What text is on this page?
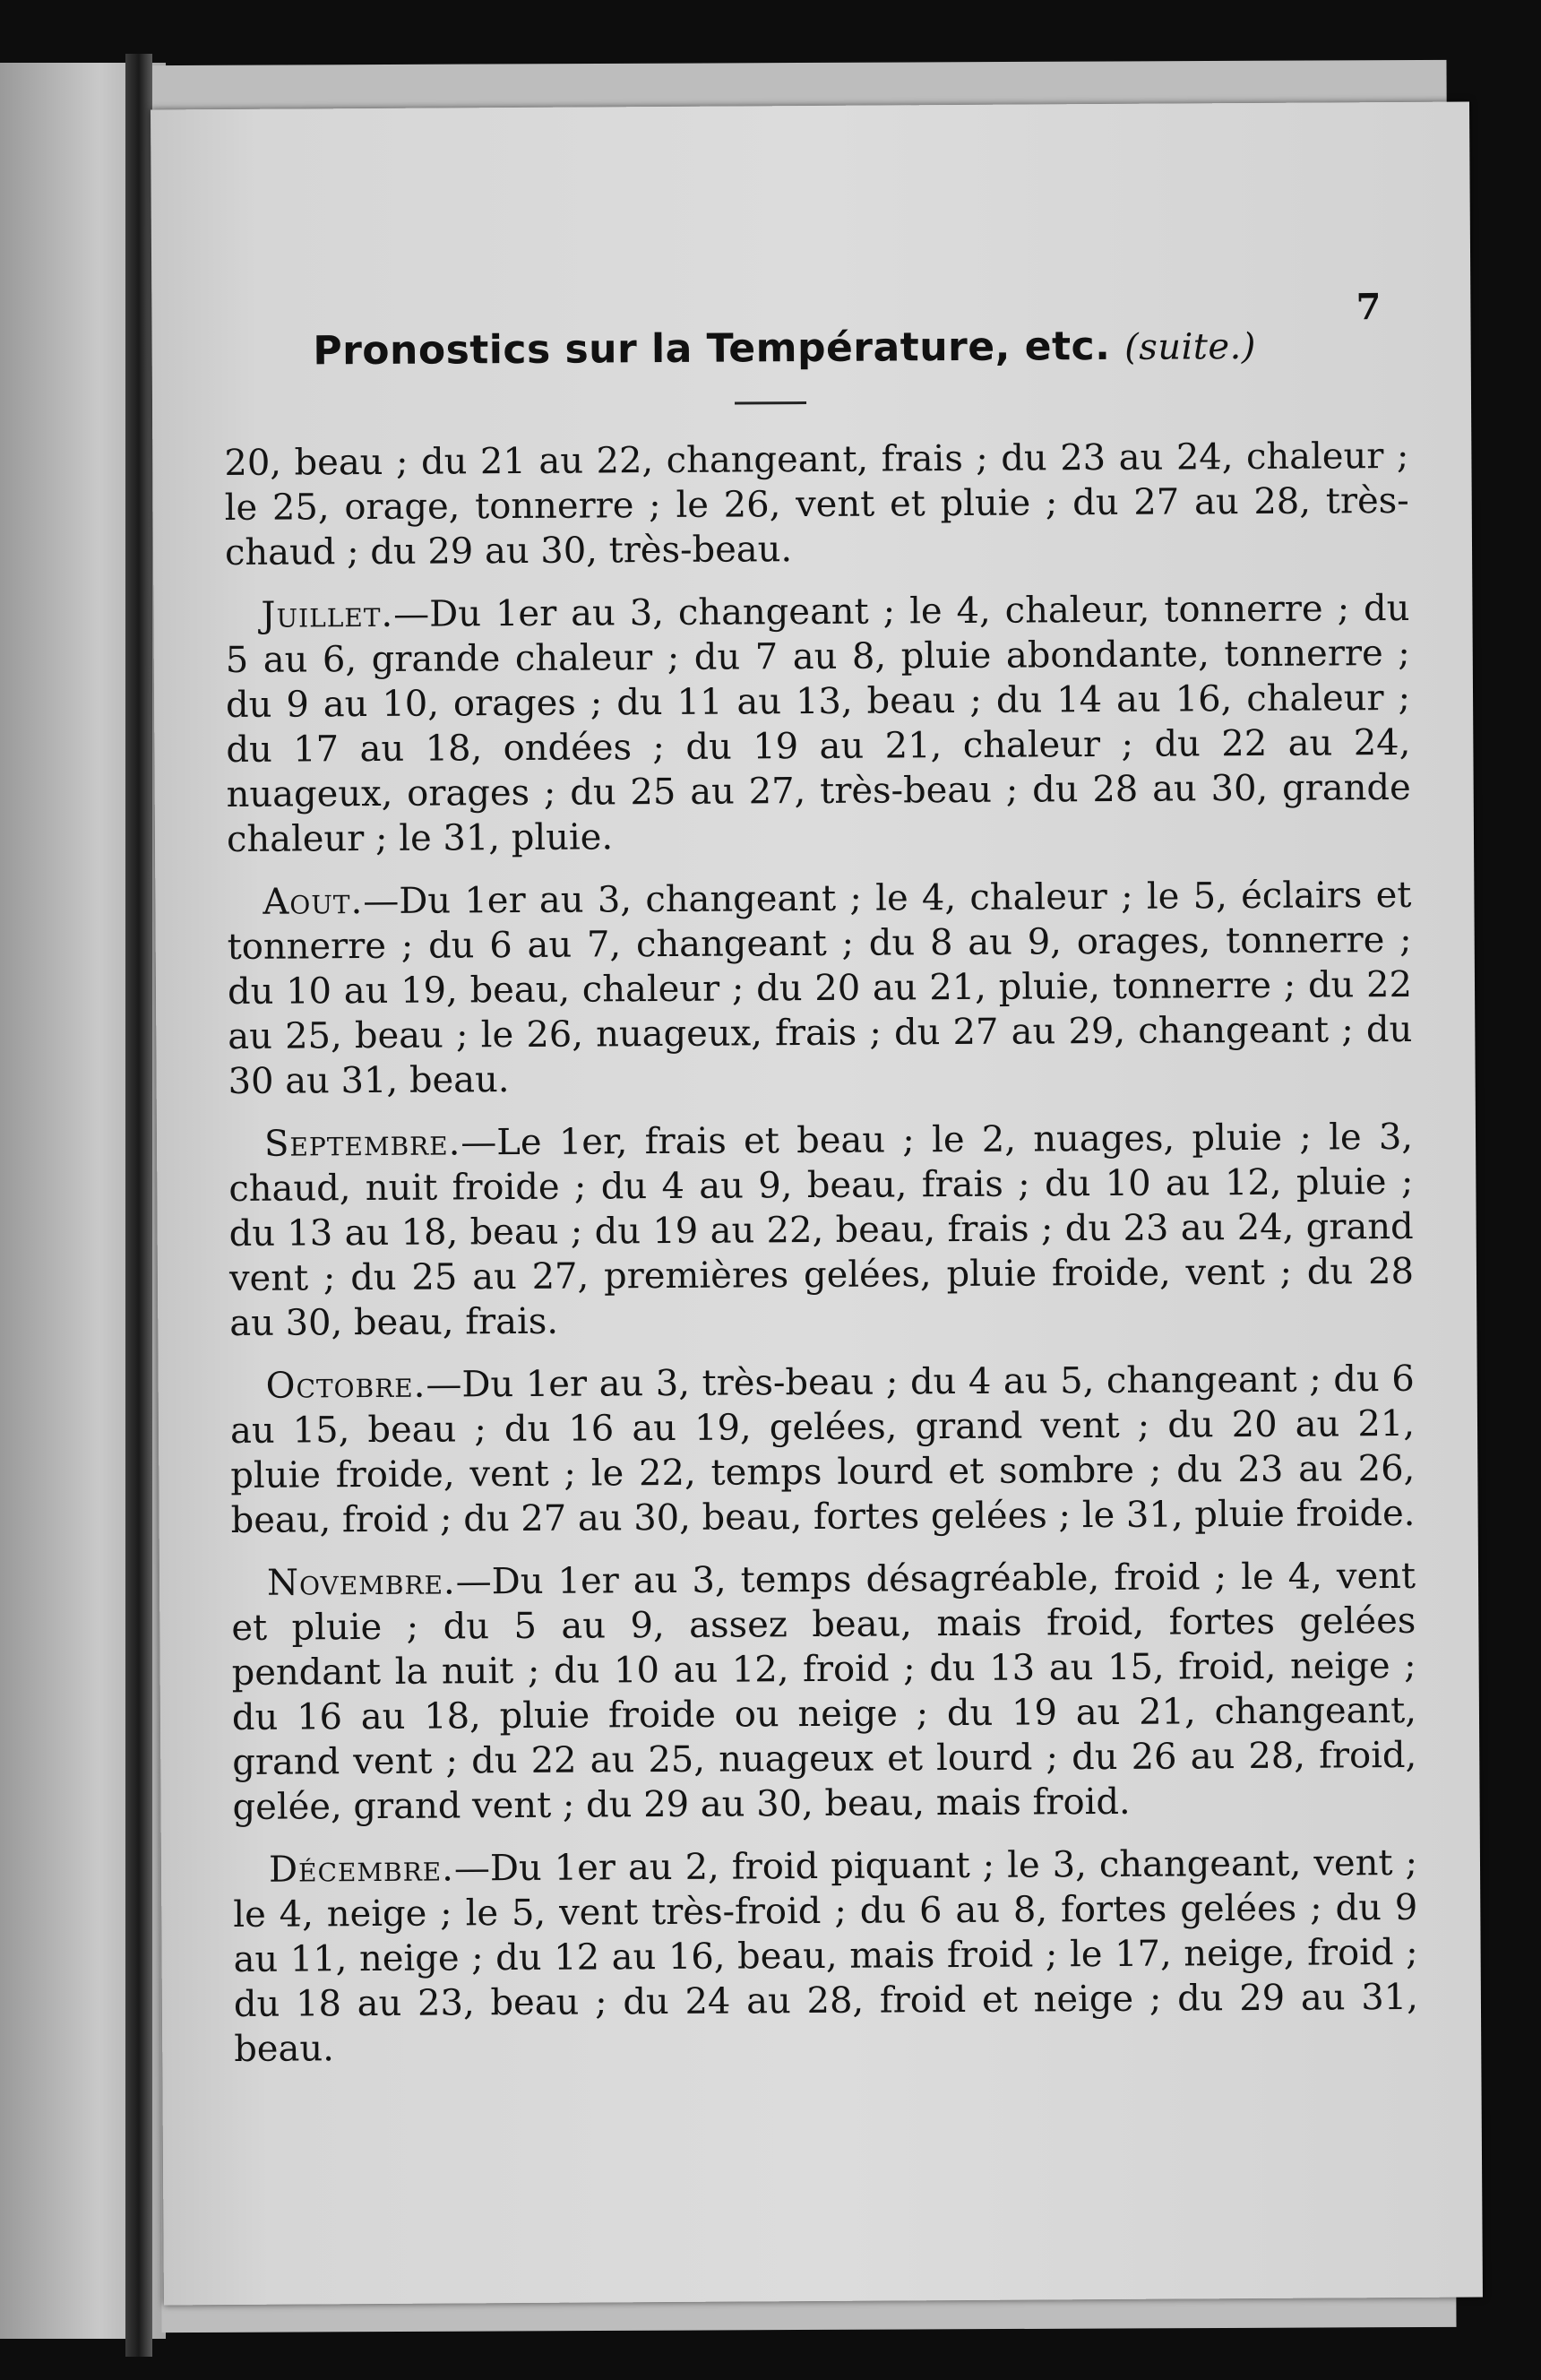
7
Pronostics sur la Température, etc. (suite.)

20, beau ; du 21 au 22, changeant, frais ; du 23 au 24, chaleur ; le 25, orage, tonnerre ; le 26, vent et pluie ; du 27 au 28, très-chaud ; du 29 au 30, très-beau.

Juillet.—Du 1er au 3, changeant ; le 4, chaleur, tonnerre ; du 5 au 6, grande chaleur ; du 7 au 8, pluie abondante, tonnerre ; du 9 au 10, orages ; du 11 au 13, beau ; du 14 au 16, chaleur ; du 17 au 18, ondées ; du 19 au 21, chaleur ; du 22 au 24, nuageux, orages ; du 25 au 27, très-beau ; du 28 au 30, grande chaleur ; le 31, pluie.

Aout.—Du 1er au 3, changeant ; le 4, chaleur ; le 5, éclairs et tonnerre ; du 6 au 7, changeant ; du 8 au 9, orages, tonnerre ; du 10 au 19, beau, chaleur ; du 20 au 21, pluie, tonnerre ; du 22 au 25, beau ; le 26, nuageux, frais ; du 27 au 29, changeant ; du 30 au 31, beau.

Septembre.—Le 1er, frais et beau ; le 2, nuages, pluie ; le 3, chaud, nuit froide ; du 4 au 9, beau, frais ; du 10 au 12, pluie ; du 13 au 18, beau ; du 19 au 22, beau, frais ; du 23 au 24, grand vent ; du 25 au 27, premières gelées, pluie froide, vent ; du 28 au 30, beau, frais.

Octobre.—Du 1er au 3, très-beau ; du 4 au 5, changeant ; du 6 au 15, beau ; du 16 au 19, gelées, grand vent ; du 20 au 21, pluie froide, vent ; le 22, temps lourd et sombre ; du 23 au 26, beau, froid ; du 27 au 30, beau, fortes gelées ; le 31, pluie froide.

Novembre.—Du 1er au 3, temps désagréable, froid ; le 4, vent et pluie ; du 5 au 9, assez beau, mais froid, fortes gelées pendant la nuit ; du 10 au 12, froid ; du 13 au 15, froid, neige ; du 16 au 18, pluie froide ou neige ; du 19 au 21, changeant, grand vent ; du 22 au 25, nuageux et lourd ; du 26 au 28, froid, gelée, grand vent ; du 29 au 30, beau, mais froid.

Décembre.—Du 1er au 2, froid piquant ; le 3, changeant, vent ; le 4, neige ; le 5, vent très-froid ; du 6 au 8, fortes gelées ; du 9 au 11, neige ; du 12 au 16, beau, mais froid ; le 17, neige, froid ; du 18 au 23, beau ; du 24 au 28, froid et neige ; du 29 au 31, beau.
